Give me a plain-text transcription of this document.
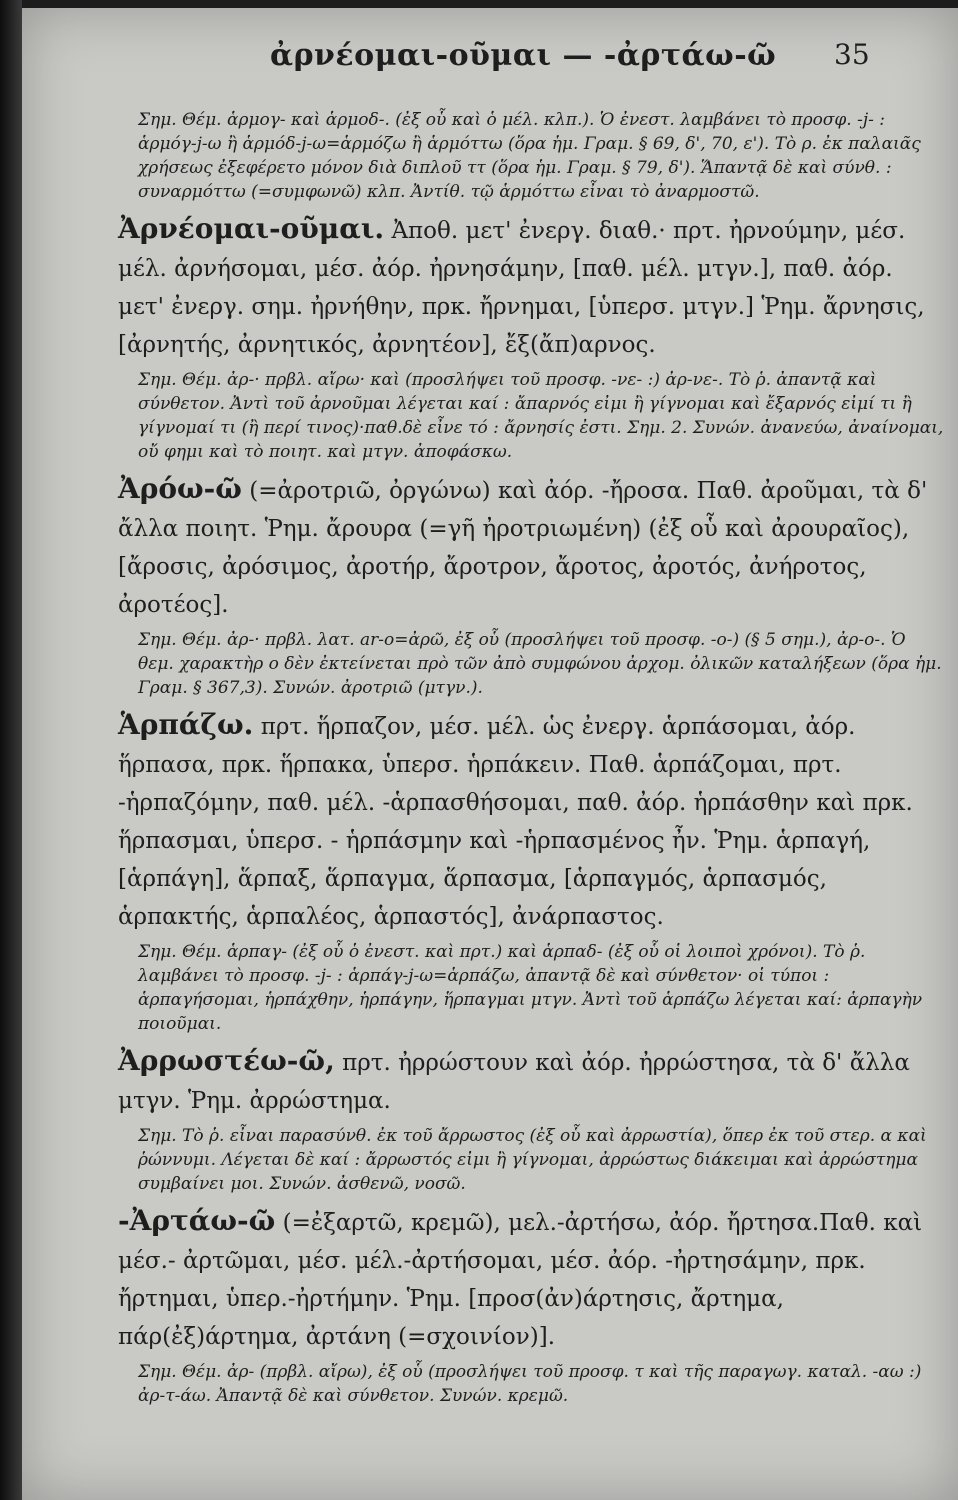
ἀρνέομαι-οῦμαι — -ἀρτάω-ῶ 35

Σημ. Θέμ. ἁρμογ- καὶ ἁρμοδ-. (ἐξ οὗ καὶ ὁ μέλ. κλπ.). Ὁ ἐνεστ. λαμβάνει τὸ προσφ. -j- : ἁρμόγ-j-ω ἢ ἁρμόδ-j-ω=ἁρμόζω ἢ ἁρμόττω (ὅρα ἡμ. Γραμ. § 69, δ', 70, ε'). Τὸ ρ. ἐκ παλαιᾶς χρήσεως ἐξεφέρετο μόνον διὰ διπλοῦ ττ (ὅρα ἡμ. Γραμ. § 79, δ'). Ἅπαντᾷ δὲ καὶ σύνθ. : συναρμόττω (=συμφωνῶ) κλπ. Ἀντίθ. τῷ ἁρμόττω εἶναι τὸ ἀναρμοστῶ.

Ἀρνέομαι-οῦμαι. Ἀποθ. μετ' ἐνεργ. διαθ.· πρτ. ἠρνούμην, μέσ. μέλ. ἀρνήσομαι, μέσ. ἀόρ. ἠρνησάμην, [παθ. μέλ. μτγν.], παθ. ἀόρ. μετ' ἐνεργ. σημ. ἠρνήθην, πρκ. ἤρνημαι, [ὑπερσ. μτγν.] Ῥημ. ἄρνησις, [ἀρνητής, ἀρνητικός, ἀρνητέον], ἔξ(ἄπ)αρνος.

Σημ. Θέμ. ἀρ-· πρβλ. αἴρω· καὶ (προσλήψει τοῦ προσφ. -νε- :) ἀρ-νε-. Τὸ ῥ. ἀπαντᾷ καὶ σύνθετον. Ἀντὶ τοῦ ἀρνοῦμαι λέγεται καί : ἄπαρνός εἰμι ἢ γίγνομαι καὶ ἔξαρνός εἰμί τι ἢ γίγνομαί τι (ἢ περί τινος)·παθ.δὲ εἶνε τό : ἄρνησίς ἐστι. Σημ. 2. Συνών. ἀνανεύω, ἀναίνομαι, οὔ φημι καὶ τὸ ποιητ. καὶ μτγν. ἀποφάσκω.

Ἀρόω-ῶ (=ἀροτριῶ, ὀργώνω) καὶ ἀόρ. -ἤροσα. Παθ. ἀροῦμαι, τὰ δ' ἄλλα ποιητ. Ῥημ. ἄρουρα (=γῆ ἠροτριωμένη) (ἐξ οὗ καὶ ἀρουραῖος), [ἄροσις, ἀρόσιμος, ἀροτήρ, ἄροτρον, ἄροτος, ἀροτός, ἀνήροτος, ἀροτέος].

Σημ. Θέμ. ἀρ-· πρβλ. λατ. ar-o=ἀρῶ, ἐξ οὗ (προσλήψει τοῦ προσφ. -ο-) (§ 5 σημ.), ἀρ-ο-. Ὁ θεμ. χαρακτὴρ ο δὲν ἐκτείνεται πρὸ τῶν ἀπὸ συμφώνου ἀρχομ. ὀλικῶν καταλήξεων (ὅρα ἡμ. Γραμ. § 367,3). Συνών. ἀροτριῶ (μτγν.).

Ἁρπάζω. πρτ. ἥρπαζον, μέσ. μέλ. ὡς ἐνεργ. ἁρπάσομαι, ἀόρ. ἥρπασα, πρκ. ἥρπακα, ὑπερσ. ἡρπάκειν. Παθ. ἁρπάζομαι, πρτ. -ἡρπαζόμην, παθ. μέλ. -ἁρπασθήσομαι, παθ. ἀόρ. ἡρπάσθην καὶ πρκ. ἥρπασμαι, ὑπερσ. - ἡρπάσμην καὶ -ἡρπασμένος ἦν. Ῥημ. ἁρπαγή, [ἁρπάγη], ἅρπαξ, ἅρπαγμα, ἅρπασμα, [ἁρπαγμός, ἁρπασμός, ἁρπακτής, ἁρπαλέος, ἁρπαστός], ἀνάρπαστος.

Σημ. Θέμ. ἁρπαγ- (ἐξ οὗ ὁ ἐνεστ. καὶ πρτ.) καὶ ἁρπαδ- (ἐξ οὗ οἱ λοιποὶ χρόνοι). Τὸ ῥ. λαμβάνει τὸ προσφ. -j- : ἁρπάγ-j-ω=ἁρπάζω, ἀπαντᾷ δὲ καὶ σύνθετον· οἱ τύποι : ἁρπαγήσομαι, ἡρπάχθην, ἡρπάγην, ἥρπαγμαι μτγν. Ἀντὶ τοῦ ἁρπάζω λέγεται καί: ἁρπαγὴν ποιοῦμαι.

Ἀρρωστέω-ῶ, πρτ. ἠρρώστουν καὶ ἀόρ. ἠρρώστησα, τὰ δ' ἄλλα μτγν. Ῥημ. ἀρρώστημα.

Σημ. Τὸ ῥ. εἶναι παρασύνθ. ἐκ τοῦ ἄρρωστος (ἐξ οὗ καὶ ἀρρωστία), ὅπερ ἐκ τοῦ στερ. α καὶ ῥώννυμι. Λέγεται δὲ καί : ἄρρωστός εἰμι ἢ γίγνομαι, ἀρρώστως διάκειμαι καὶ ἀρρώστημα συμβαίνει μοι. Συνών. ἀσθενῶ, νοσῶ.

-Ἀρτάω-ῶ (=ἐξαρτῶ, κρεμῶ), μελ.-ἀρτήσω, ἀόρ. ἤρτησα.Παθ. καὶ μέσ.- ἀρτῶμαι, μέσ. μέλ.-ἀρτήσομαι, μέσ. ἀόρ. -ἠρτησάμην, πρκ. ἤρτημαι, ὑπερ.-ἠρτήμην. Ῥημ. [προσ(ἀν)άρτησις, ἄρτημα, πάρ(ἐξ)άρτημα, ἀρτάνη (=σχοινίον)].

Σημ. Θέμ. ἀρ- (πρβλ. αἴρω), ἐξ οὗ (προσλήψει τοῦ προσφ. τ καὶ τῆς παραγωγ. καταλ. -αω :) ἀρ-τ-άω. Ἀπαντᾷ δὲ καὶ σύνθετον. Συνών. κρεμῶ.
